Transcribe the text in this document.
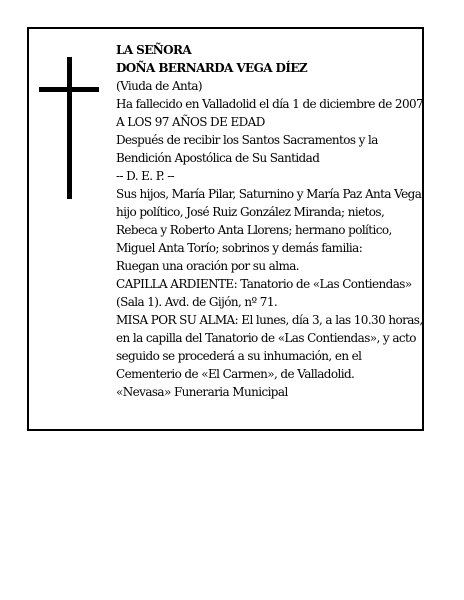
LA SEÑORA

DOÑA BERNARDA VEGA DÍEZ

(Viuda de Anta)

Ha fallecido en Valladolid el día 1 de diciembre de 2007

A LOS 97 AÑOS DE EDAD

Después de recibir los Santos Sacramentos y la Bendición Apostólica de Su Santidad

-- D. E. P. --

Sus hijos, María Pilar, Saturnino y María Paz Anta Vega; hijo político, José Ruiz González Miranda; nietos, Rebeca y Roberto Anta Llorens; hermano político, Miguel Anta Torío; sobrinos y demás familia:

Ruegan una oración por su alma.

CAPILLA ARDIENTE: Tanatorio de «Las Contiendas» (Sala 1). Avd. de Gijón, nº 71.

MISA POR SU ALMA: El lunes, día 3, a las 10.30 horas, en la capilla del Tanatorio de «Las Contiendas», y acto seguido se procederá a su inhumación, en el Cementerio de «El Carmen», de Valladolid.

«Nevasa» Funeraria Municipal
